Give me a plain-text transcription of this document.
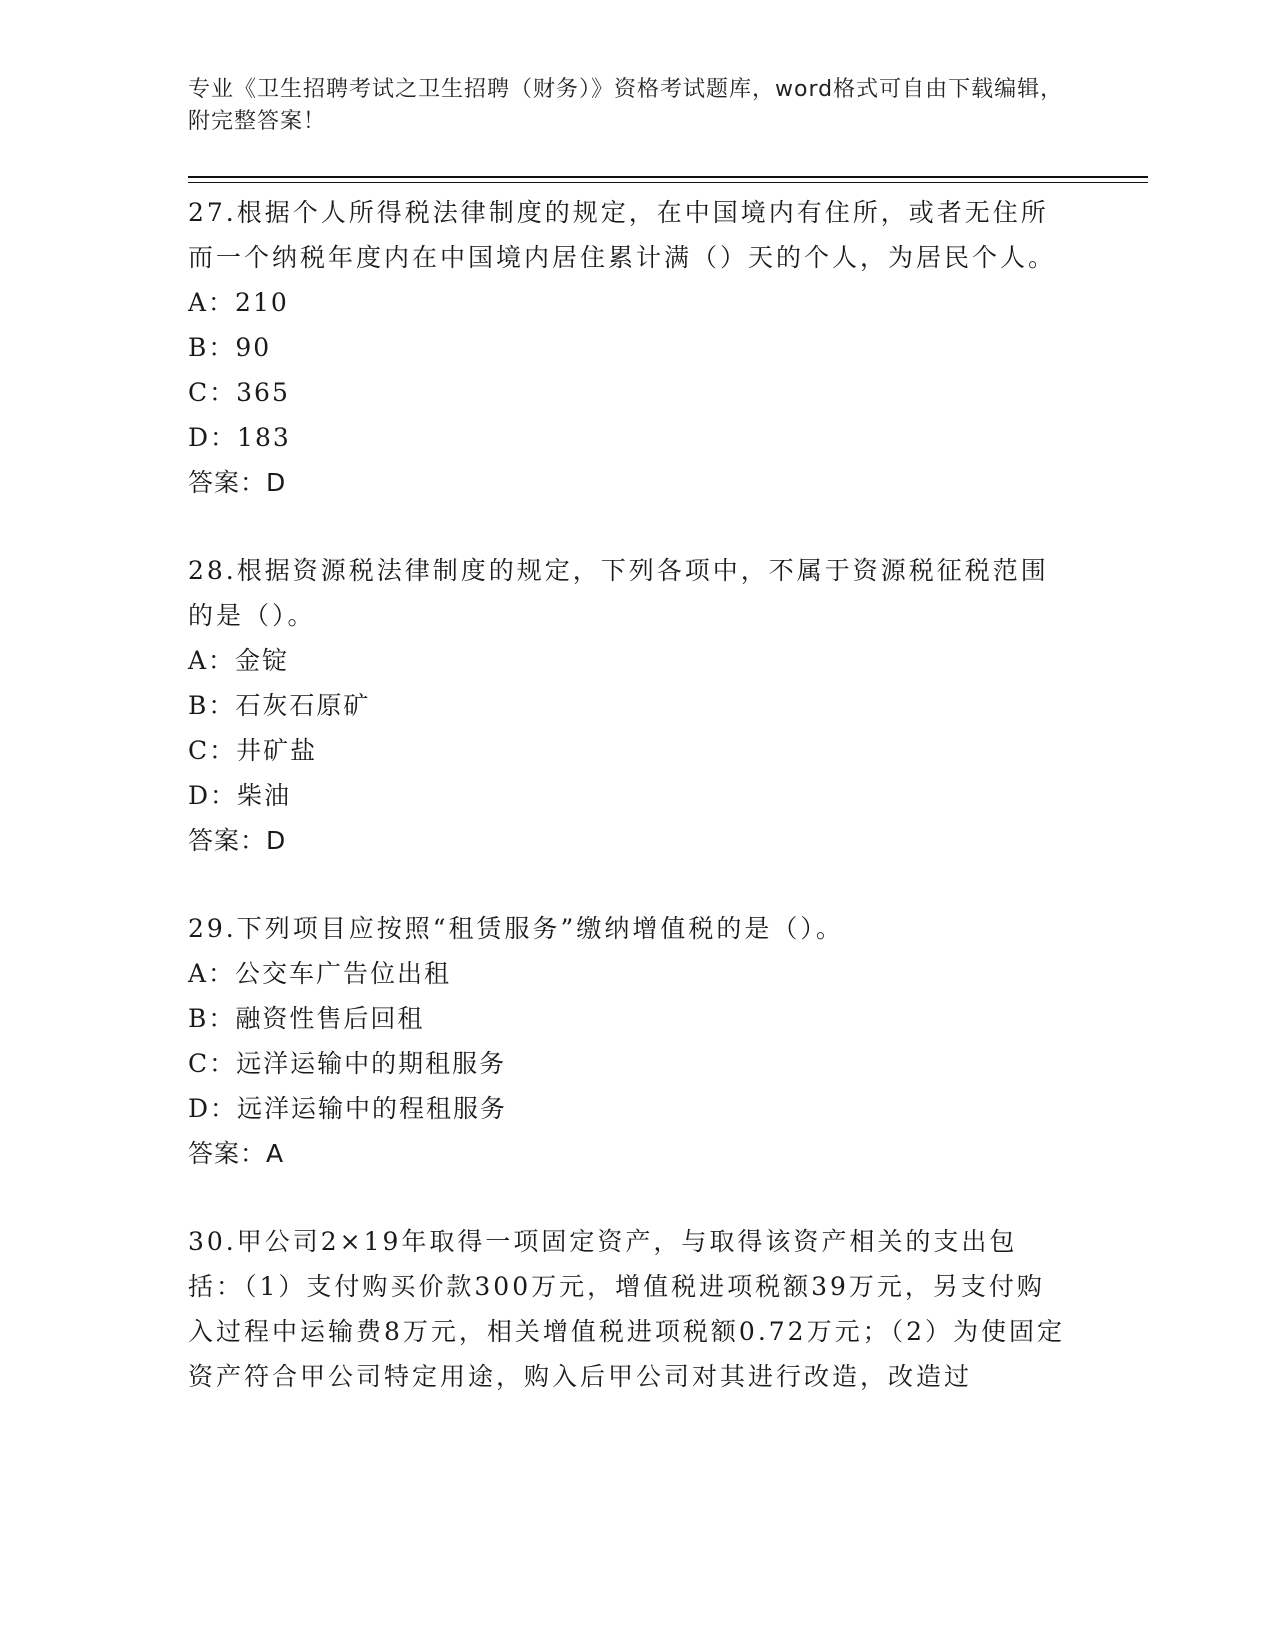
专业《卫生招聘考试之卫生招聘（财务）》资格考试题库，word格式可自由下载编辑，附完整答案！

27.根据个人所得税法律制度的规定，在中国境内有住所，或者无住所而一个纳税年度内在中国境内居住累计满（）天的个人，为居民个人。

A：210

B：90

C：365

D：183

答案：D

28.根据资源税法律制度的规定，下列各项中，不属于资源税征税范围的是（）。

A：金锭

B：石灰石原矿

C：井矿盐

D：柴油

答案：D

29.下列项目应按照“租赁服务”缴纳增值税的是（）。

A：公交车广告位出租

B：融资性售后回租

C：远洋运输中的期租服务

D：远洋运输中的程租服务

答案：A

30.甲公司2×19年取得一项固定资产，与取得该资产相关的支出包括：（1）支付购买价款300万元，增值税进项税额39万元，另支付购入过程中运输费8万元，相关增值税进项税额0.72万元；（2）为使固定资产符合甲公司特定用途，购入后甲公司对其进行改造，改造过
